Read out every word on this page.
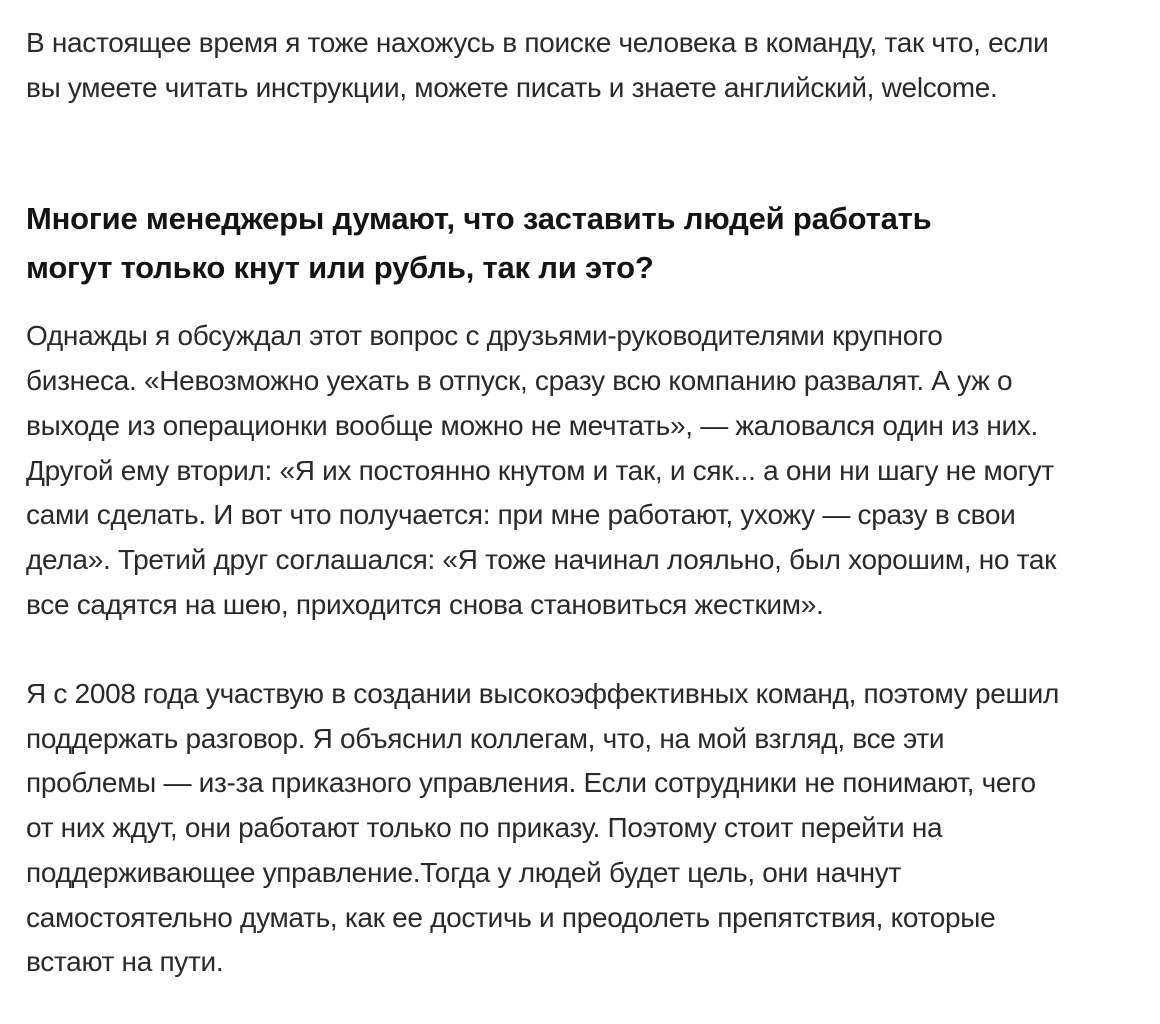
В настоящее время я тоже нахожусь в поиске человека в команду, так что, если
вы умеете читать инструкции, можете писать и знаете английский, welcome.

Многие менеджеры думают, что заставить людей работать
могут только кнут или рубль, так ли это?

Однажды я обсуждал этот вопрос с друзьями-руководителями крупного
бизнеса. «Невозможно уехать в отпуск, сразу всю компанию развалят. А уж о
выходе из операционки вообще можно не мечтать», — жаловался один из них.
Другой ему вторил: «Я их постоянно кнутом и так, и сяк... а они ни шагу не могут
сами сделать. И вот что получается: при мне работают, ухожу — сразу в свои
дела». Третий друг соглашался: «Я тоже начинал лояльно, был хорошим, но так
все садятся на шею, приходится снова становиться жестким».

Я с 2008 года участвую в создании высокоэффективных команд, поэтому решил
поддержать разговор. Я объяснил коллегам, что, на мой взгляд, все эти
проблемы — из-за приказного управления. Если сотрудники не понимают, чего
от них ждут, они работают только по приказу. Поэтому стоит перейти на
поддерживающее управление.Тогда у людей будет цель, они начнут
самостоятельно думать, как ее достичь и преодолеть препятствия, которые
встают на пути.
